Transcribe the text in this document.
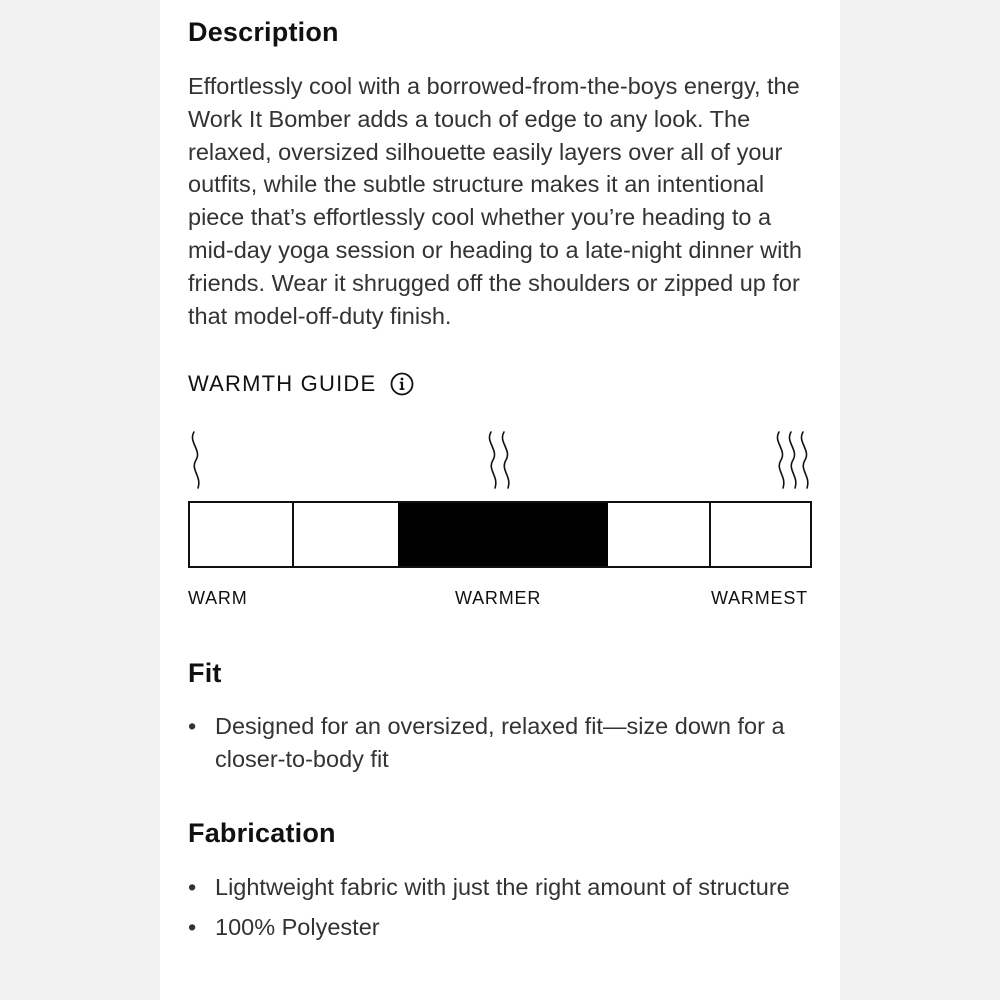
Description
Effortlessly cool with a borrowed-from-the-boys energy, the Work It Bomber adds a touch of edge to any look. The relaxed, oversized silhouette easily layers over all of your outfits, while the subtle structure makes it an intentional piece that’s effortlessly cool whether you’re heading to a mid-day yoga session or heading to a late-night dinner with friends. Wear it shrugged off the shoulders or zipped up for that model-off-duty finish.
WARMTH GUIDE
WARM	WARMER	WARMEST
Fit
• Designed for an oversized, relaxed fit—size down for a closer-to-body fit
Fabrication
• Lightweight fabric with just the right amount of structure
• 100% Polyester
